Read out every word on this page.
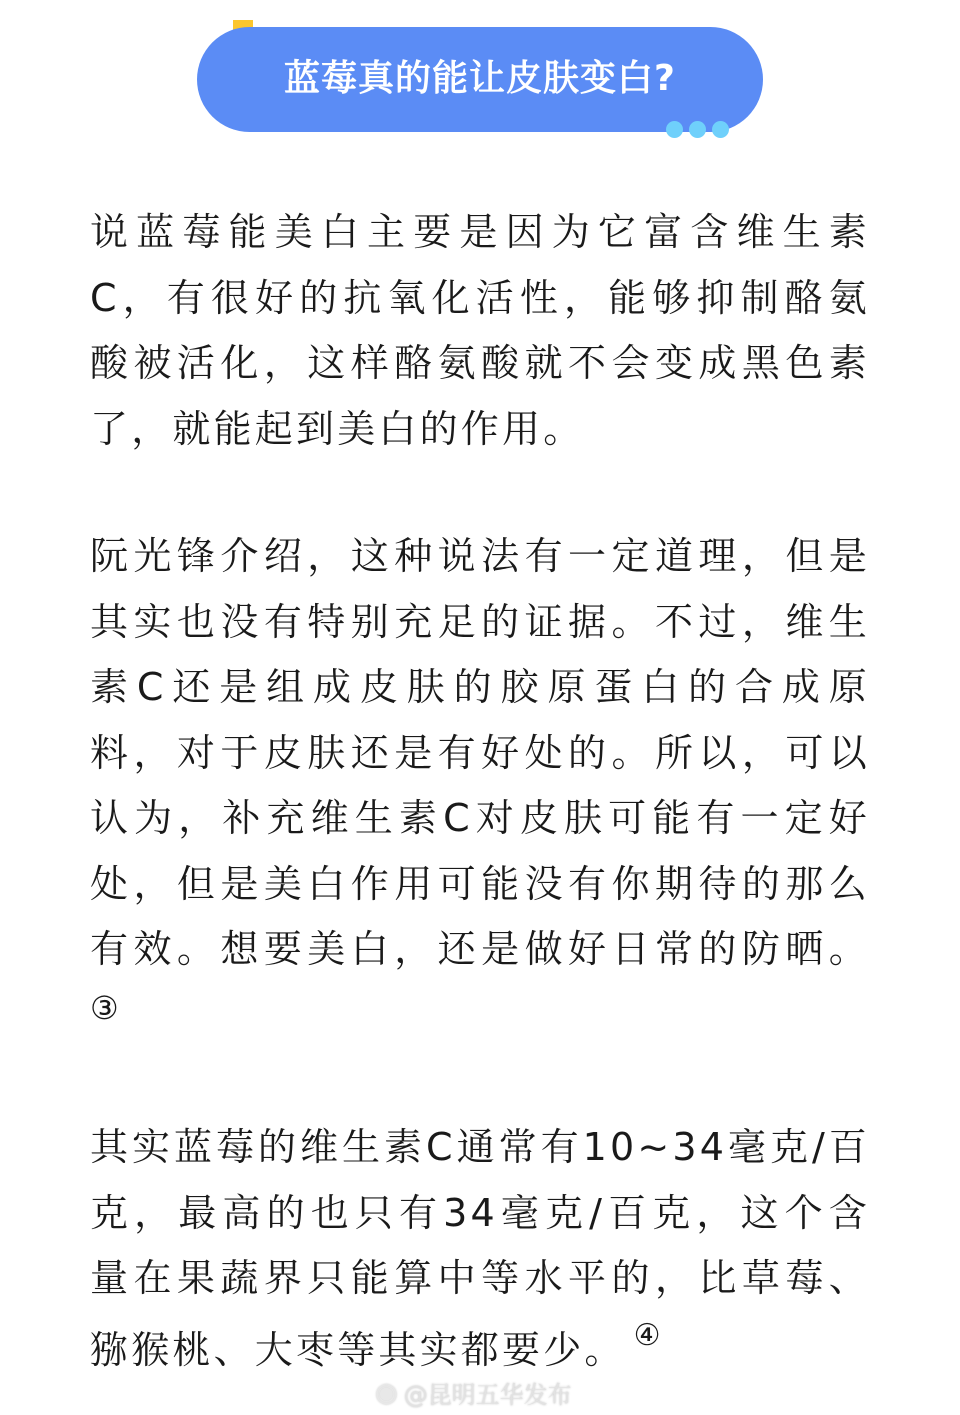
蓝莓真的能让皮肤变白?
说蓝莓能美白主要是因为它富含维生素
C，有很好的抗氧化活性，能够抑制酪氨
酸被活化，这样酪氨酸就不会变成黑色素
了，就能起到美白的作用。
阮光锋介绍，这种说法有一定道理，但是
其实也没有特别充足的证据。不过，维生
素C还是组成皮肤的胶原蛋白的合成原
料，对于皮肤还是有好处的。所以，可以
认为，补充维生素C对皮肤可能有一定好
处，但是美白作用可能没有你期待的那么
有效。想要美白，还是做好日常的防晒。
③
其实蓝莓的维生素C通常有10~34毫克/百
克，最高的也只有34毫克/百克，这个含
量在果蔬界只能算中等水平的，比草莓、
猕猴桃、大枣等其实都要少。 ④
◉ @昆明五华发布
